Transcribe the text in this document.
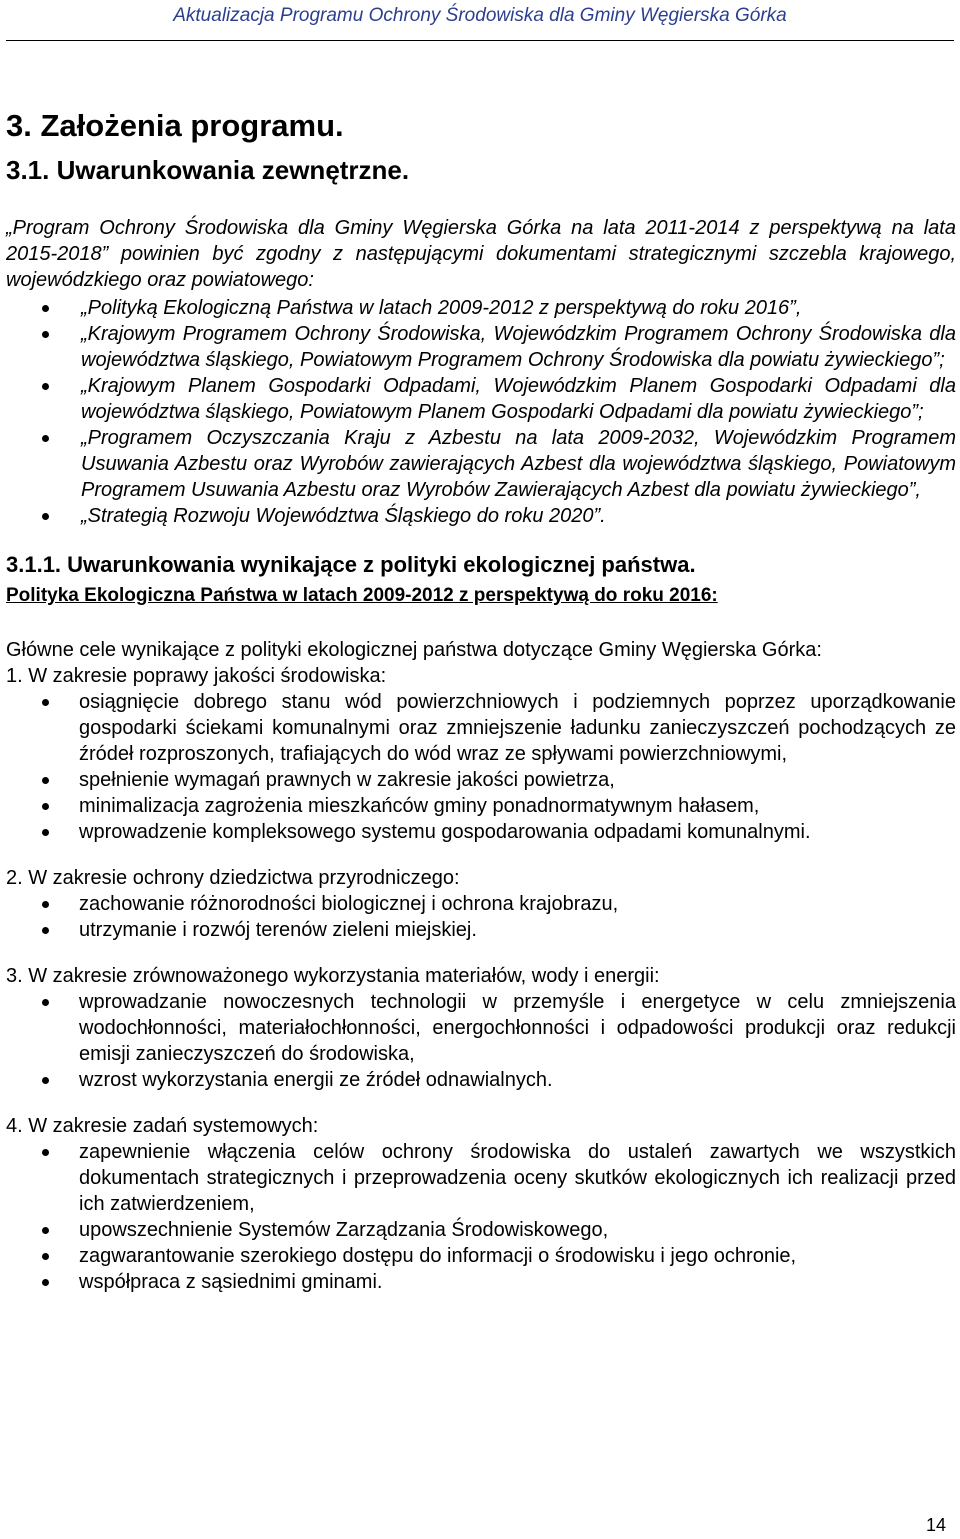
Aktualizacja Programu Ochrony Środowiska dla Gminy Węgierska Górka
3. Założenia programu.
3.1. Uwarunkowania zewnętrzne.

„Program Ochrony Środowiska dla Gminy Węgierska Górka na lata 2011-2014 z perspektywą na lata 2015-2018” powinien być zgodny z następującymi dokumentami strategicznymi szczebla krajowego, wojewódzkiego oraz powiatowego:

„Polityką Ekologiczną Państwa w latach 2009-2012 z perspektywą do roku 2016”,
„Krajowym Programem Ochrony Środowiska, Wojewódzkim Programem Ochrony Środowiska dla województwa śląskiego, Powiatowym Programem Ochrony Środowiska dla powiatu żywieckiego”;
„Krajowym Planem Gospodarki Odpadami, Wojewódzkim Planem Gospodarki Odpadami dla województwa śląskiego, Powiatowym Planem Gospodarki Odpadami dla powiatu żywieckiego”;
„Programem Oczyszczania Kraju z Azbestu na lata 2009-2032, Wojewódzkim Programem Usuwania Azbestu oraz Wyrobów zawierających Azbest dla województwa śląskiego, Powiatowym Programem Usuwania Azbestu oraz Wyrobów Zawierających Azbest dla powiatu żywieckiego”,
„Strategią Rozwoju Województwa Śląskiego do roku 2020”.
3.1.1. Uwarunkowania wynikające z polityki ekologicznej państwa.

Polityka Ekologiczna Państwa w latach 2009-2012 z perspektywą do roku 2016:

Główne cele wynikające z polityki ekologicznej państwa dotyczące Gminy Węgierska Górka:

1. W zakresie poprawy jakości środowiska:

osiągnięcie dobrego stanu wód powierzchniowych i podziemnych poprzez uporządkowanie gospodarki ściekami komunalnymi oraz zmniejszenie ładunku zanieczyszczeń pochodzących ze źródeł rozproszonych, trafiających do wód wraz ze spływami powierzchniowymi,
spełnienie wymagań prawnych w zakresie jakości powietrza,
minimalizacja zagrożenia mieszkańców gminy ponadnormatywnym hałasem,
wprowadzenie kompleksowego systemu gospodarowania odpadami komunalnymi.

2. W zakresie ochrony dziedzictwa przyrodniczego:

zachowanie różnorodności biologicznej i ochrona krajobrazu,
utrzymanie i rozwój terenów zieleni miejskiej.

3. W zakresie zrównoważonego wykorzystania materiałów, wody i energii:

wprowadzanie nowoczesnych technologii w przemyśle i energetyce w celu zmniejszenia wodochłonności, materiałochłonności, energochłonności i odpadowości produkcji oraz redukcji emisji zanieczyszczeń do środowiska,
wzrost wykorzystania energii ze źródeł odnawialnych.

4. W zakresie zadań systemowych:

zapewnienie włączenia celów ochrony środowiska do ustaleń zawartych we wszystkich dokumentach strategicznych i przeprowadzenia oceny skutków ekologicznych ich realizacji przed ich zatwierdzeniem,
upowszechnienie Systemów Zarządzania Środowiskowego,
zagwarantowanie szerokiego dostępu do informacji o środowisku i jego ochronie,
współpraca z sąsiednimi gminami.
14
